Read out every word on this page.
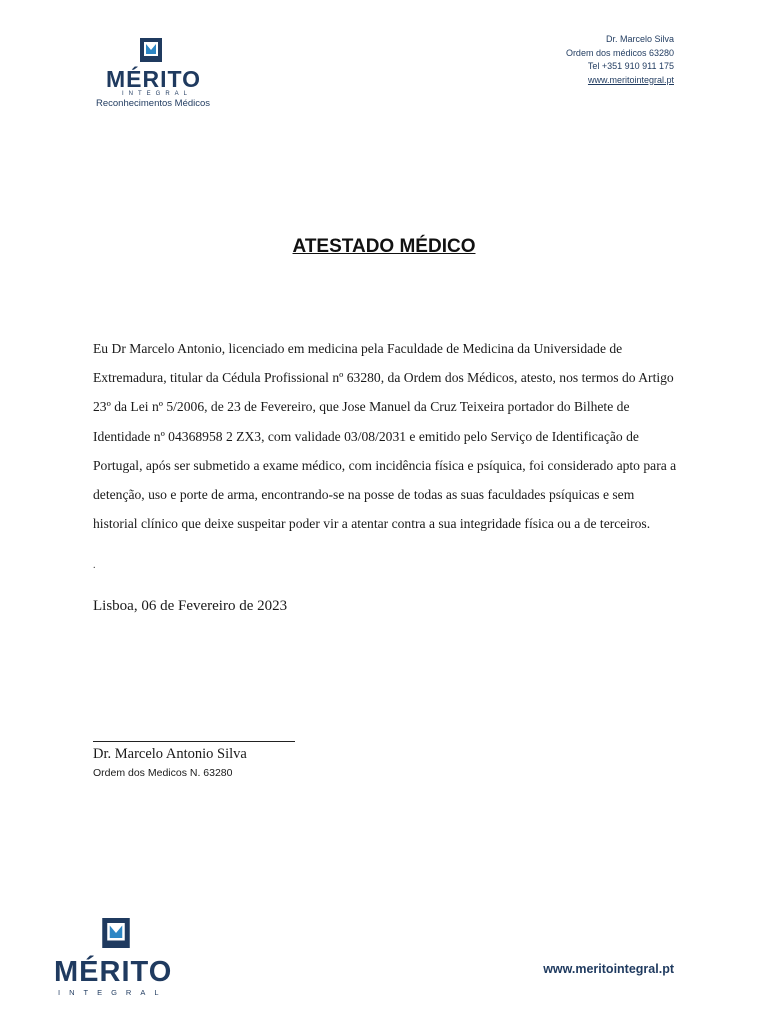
MÉRITO
INTEGRAL
Reconhecimentos Médicos
Dr. Marcelo Silva
Ordem dos médicos 63280
Tel +351 910 911 175
www.meritointegral.pt
ATESTADO MÉDICO
Eu Dr Marcelo Antonio, licenciado em medicina pela Faculdade de Medicina da Universidade de Extremadura, titular da Cédula Profissional nº 63280, da Ordem dos Médicos, atesto, nos termos do Artigo 23º da Lei nº 5/2006, de 23 de Fevereiro, que Jose Manuel da Cruz Teixeira portador do Bilhete de Identidade nº 04368958 2 ZX3, com validade 03/08/2031 e emitido pelo Serviço de Identificação de Portugal, após ser submetido a exame médico, com incidência física e psíquica, foi considerado apto para a detenção, uso e porte de arma, encontrando-se na posse de todas as suas faculdades psíquicas e sem historial clínico que deixe suspeitar poder vir a atentar contra a sua integridade física ou a de terceiros.
.
Lisboa, 06 de Fevereiro de 2023
Dr. Marcelo Antonio Silva
Ordem dos Medicos N. 63280
MÉRITO
INTEGRAL
www.meritointegral.pt
